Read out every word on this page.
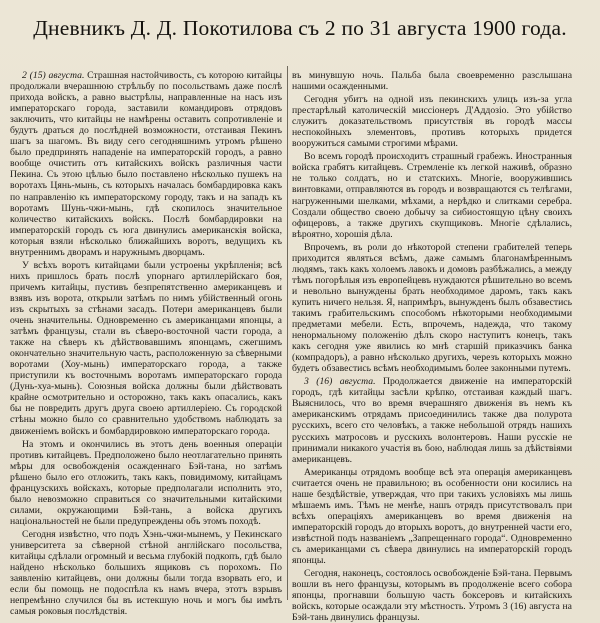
Дневникъ Д. Д. Покотилова съ 2 по 31 августа 1900 года.

2 (15) августа. Страшная настойчивость, съ которою китайцы продолжали вчерашнюю стрѣльбу по посольствамъ даже послѣ прихода войскъ, а равно выстрѣлы, направленные на насъ изъ императорскаго города, заставили командировъ отрядовъ заключить, что китайцы не намѣрены оставить сопротивленіе и будутъ драться до послѣдней возможности, отстаивая Пекинъ шагъ за шагомъ. Въ виду сего сегодняшнимъ утромъ рѣшено было предпринять нападеніе на императорскій городъ, а равно вообще очистить отъ китайскихъ войскъ различныя части Пекина. Съ этою цѣлью было поставлено нѣсколько пушекъ на воротахъ Цянь-мынь, съ которыхъ началась бомбардировка какъ по направленію къ императорскому городу, такъ и на западъ къ воротамъ Шунь-чжи-мынь, гдѣ скопилось значительное количество китайскихъ войскъ. Послѣ бомбардировки на императорскій городъ съ юга двинулись американскія войска, которыя взяли нѣсколько ближайшихъ воротъ, ведущихъ къ внутреннимъ дворамъ и наружнымъ дворцамъ.

У всѣхъ воротъ китайцами были устроены укрѣпленія; всѣ нихъ пришлось брать послѣ упорнаго артиллерійскаго боя, причемъ китайцы, пустивъ безпрепятственно американцевъ и взявъ изъ ворота, открыли затѣмъ по нимъ убійственный огонь изъ скрытыхъ за стѣнами засадъ. Потери американцевъ были очень значительны. Одновременно съ американцами японцы, а затѣмъ французы, стали въ сѣверо-восточной части города, а также на сѣверъ къ дѣйствовавшимъ японцамъ, сжегшимъ окончательно значительную часть, расположенную за сѣверными воротами (Хоу-мынь) императорскаго города, а также приступили къ восточнымъ воротамъ императорскаго города (Дунь-хуа-мынь). Союзныя войска должны были дѣйствовать крайне осмотрительно и осторожно, такъ какъ опасались, какъ бы не повредить другъ друга своею артиллеріею. Съ городской стѣны можно было со сравнительно удобствомъ наблюдать за движеніемъ войскъ и бомбардировкою императорскаго города.

На этомъ и окончились въ этотъ день военныя операціи противъ китайцевъ. Предположено было неотлагательно принять мѣры для освобожденія осажденнаго Бэй-тана, но затѣмъ рѣшено было его отложить, такъ какъ, повидимому, китайцамъ французскихъ войскахъ, которые предполагали исполнить это, было невозможно справиться со значительными китайскими силами, окружающими Бэй-тань, а войска другихъ національностей не были предупреждены объ этомъ походѣ.

Сегодня извѣстно, что подъ Хэнь-чжи-мынемъ, у Пекинскаго университета за сѣверной стѣной англійскаго посольства, китайцы сдѣлали огромный и весьма глубокій подкопъ, гдѣ было найдено нѣсколько большихъ ящиковъ съ порохомъ. По заявленію китайцевъ, они должны были тогда взорвать его, и если бы помощь не подоспѣла къ намъ вчера, этотъ взрывъ непремѣнно случился бы въ истекшую ночь и могъ бы имѣть самыя роковыя послѣдствія.

въ минувшую ночь. Пальба была своевременно разслышана нашими осажденными.

Сегодня убитъ на одной изъ пекинскихъ улицъ изъ-за угла престарѣлый католическій миссіонеръ Д'Аддозіо. Это убійство служитъ доказательствомъ присутствія въ городѣ массы неспокойныхъ элементовъ, противъ которыхъ придется вооружиться самыми строгими мѣрами.

Во всемъ городѣ происходитъ страшный грабежъ. Иностранныя войска грабятъ китайцевъ. Стремленіе къ легкой наживѣ, образно не только солдатъ, но и статскихъ. Многіе, вооружившись винтовками, отправляются въ городъ и возвращаются съ телѣгами, нагруженными шелками, мѣхами, а нерѣдко и слитками серебра. Создали общество своею добычу за сибиостоящую цѣну своихъ офицеровъ, а также другихъ скупщиковъ. Многіе сдѣлались, вѣроятно, хорошія дѣла.

Впрочемъ, въ роли до нѣкоторой степени грабителей теперь приходится являться всѣмъ, даже самымъ благонамѣреннымъ людямъ, такъ какъ холоемъ лавокъ и домовъ разбѣжались, а между тѣмъ погорѣлыя изъ европейцевъ нуждаются рѣшительно во всемъ и невольно вынуждены брать необходимое даромъ, такъ какъ купить ничего нельзя. Я, напримѣръ, вынужденъ былъ обзавестись такимъ грабительскимъ способомъ нѣкоторыми необходимыми предметами мебели. Есть, впрочемъ, надежда, что такому ненормальному положенію дѣлъ скоро наступитъ конецъ, такъ какъ сегодня уже явились ко мнѣ старшій приказчикъ банка (компрадоръ), а равно нѣсколько другихъ, черезъ которыхъ можно будетъ обзавестись всѣмъ необходимымъ более законными путемъ.

3 (16) августа. Продолжается движеніе на императорскій городъ, гдѣ китайцы засѣли крѣпко, отстаивая каждый шагъ. Выяснилось, что во время вчерашняго движенія въ немъ къ американскимъ отрядамъ присоединились также два полурота русскихъ, всего сто человѣкъ, а также небольшой отрядъ нашихъ русскихъ матросовъ и русскихъ волонтеровъ. Наши русскіе не принимали никакого участія въ бою, наблюдая лишь за дѣйствіями американцевъ.

Американцы отрядомъ вообще всѣ эта операція американцевъ считается очень не правильною; въ особенности они косились на наше бездѣйствіе, утверждая, что при такихъ условіяхъ мы лишь мѣшаемъ имъ. Тѣмъ не менѣе, нашъ отрядъ присутствовалъ при всѣхъ операціяхъ американцевъ во время движенія на императорскій городъ до вторыхъ воротъ, до внутренней части его, извѣстной подъ названіемъ „Запрещеннаго города“. Одновременно съ американцами съ сѣвера двинулись на императорскій городъ японцы.

Сегодня, наконецъ, состоялось освобожденіе Бэй-тана. Первымъ вошли въ него французы, которымъ въ продолженіе всего собора японцы, прогнавши большую часть боксеровъ и китайскихъ войскъ, которые осаждали эту мѣстность. Утромъ 3 (16) августа на Бэй-тань двинулись французы.
